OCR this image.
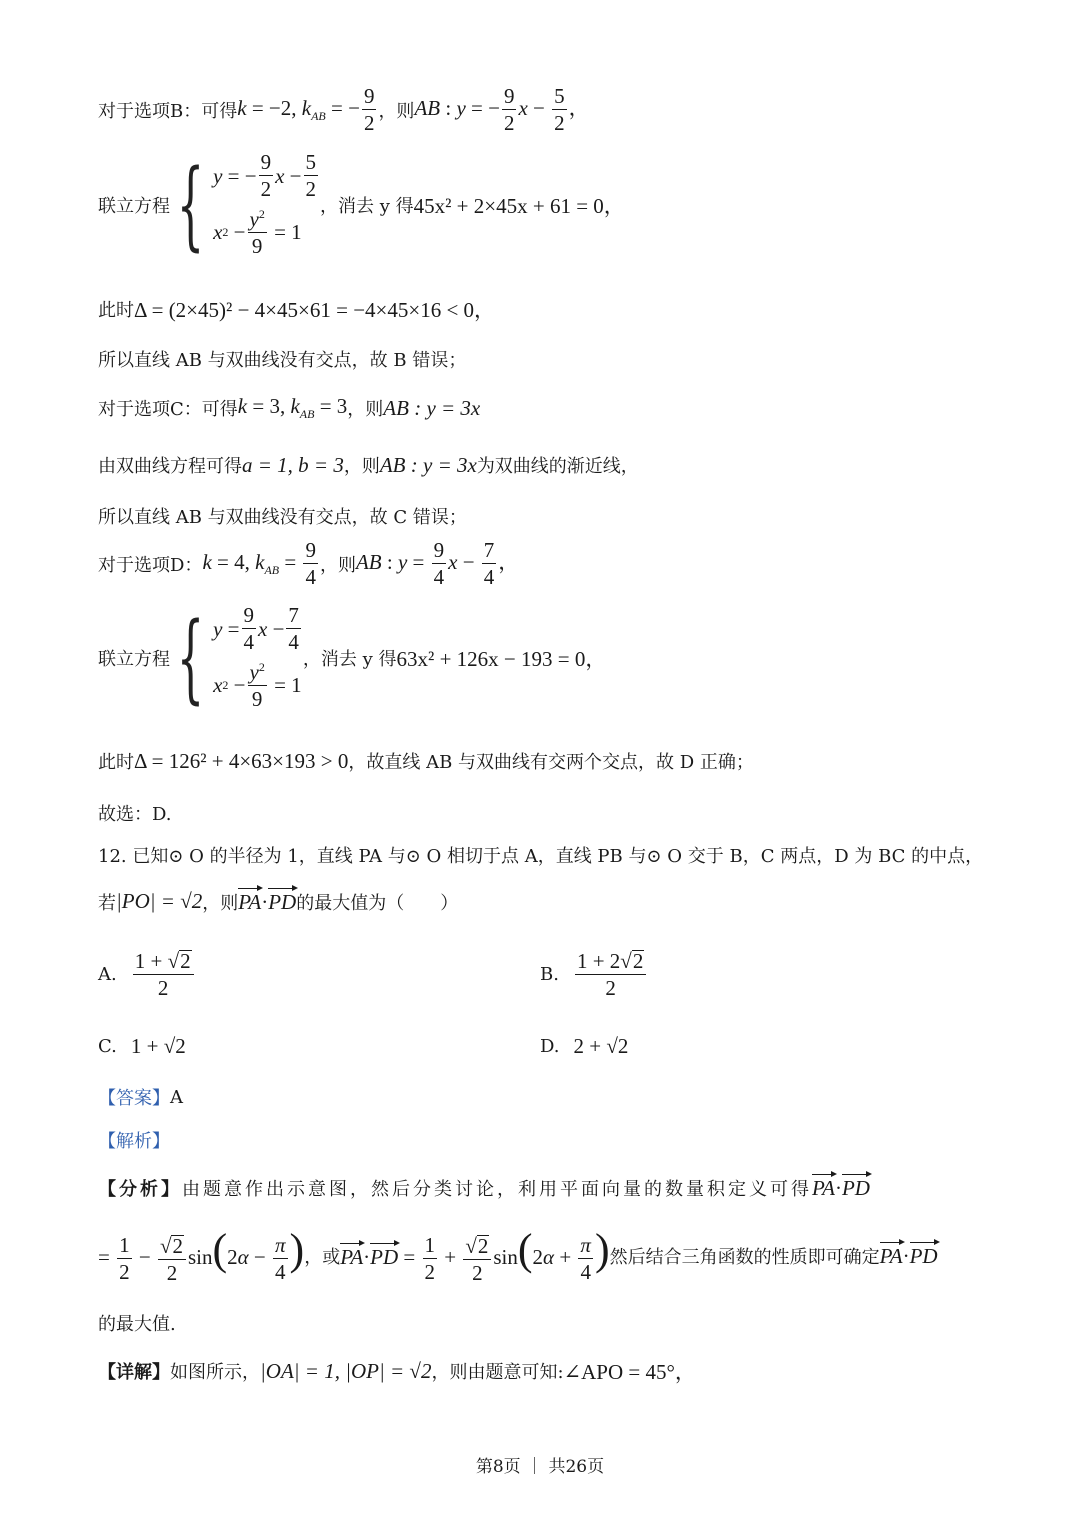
对于选项B：可得 k = −2, $k_{AB}$ = − $\frac{9}{2}$ ，则 AB : y = − $\frac{9}{2}$ $x - \frac{5}{2}$ ，
联立方程 { y = − $\frac{9}{2}$ $x - \frac{5}{2}$
x $2 - \frac{y^2}{9} = 1$
，消去 y 得 45x² + 2×45x + 61 = 0，
此时 Δ = (2×45)² − 4×45×61 = −4×45×16 < 0，
所以直线 AB 与双曲线没有交点，故 B 错误；
对于选项C：可得 k = 3, $k_{AB} = 3$ ，则 AB : y = 3x
由双曲线方程可得 a = 1, b = 3 ，则 AB : y = 3x 为双曲线的渐近线，
所以直线 AB 与双曲线没有交点，故 C 错误；
对于选项D： k = 4, $k_{AB} = \frac{9}{4}$ ，则 AB : $y = \frac{9}{4}$ $x - \frac{7}{4}$ ，
联立方程 { $y = \frac{9}{4}$ $x - \frac{7}{4}$
x $2 - \frac{y^2}{9} = 1$
，消去 y 得 63x² + 126x − 193 = 0，
此时 Δ = 126² + 4×63×193 > 0 ，故直线 AB 与双曲线有交两个交点，故 D 正确；
故选：D.
12. 已知⊙ O 的半径为 1，直线 PA 与⊙ O 相切于点 A，直线 PB 与⊙ O 交于 B，C 两点，D 为 BC 的中点，
若 |PO| = √2 ，则 PA·PD 的最大值为（　　）
A. $\frac{1 + √ 2}{2}$	B. $\frac{1 + 2√ 2}{2}$
C. 1 + √2	D. 2 + √2
【答案】 A
【解析】
【分析】 由题意作出示意图，然后分类讨论，利用平面向量的数量积定义可得 PA·PD
= $\frac{1}{2} - \frac{√ 2}{2} \sin(2\alpha - \frac{\pi}{4}$ ) ，或 $PA\cdot PD = \frac{1}{2} + \frac{√ 2}{2} \sin(2\alpha + \frac{\pi}{4}$ ) 然后结合三角函数的性质即可确定 PA·PD
的最大值.
【详解】 如图所示， |OA| = 1, |OP| = √2 ，则由题意可知: ∠APO = 45°，
第8页 ｜ 共26页
